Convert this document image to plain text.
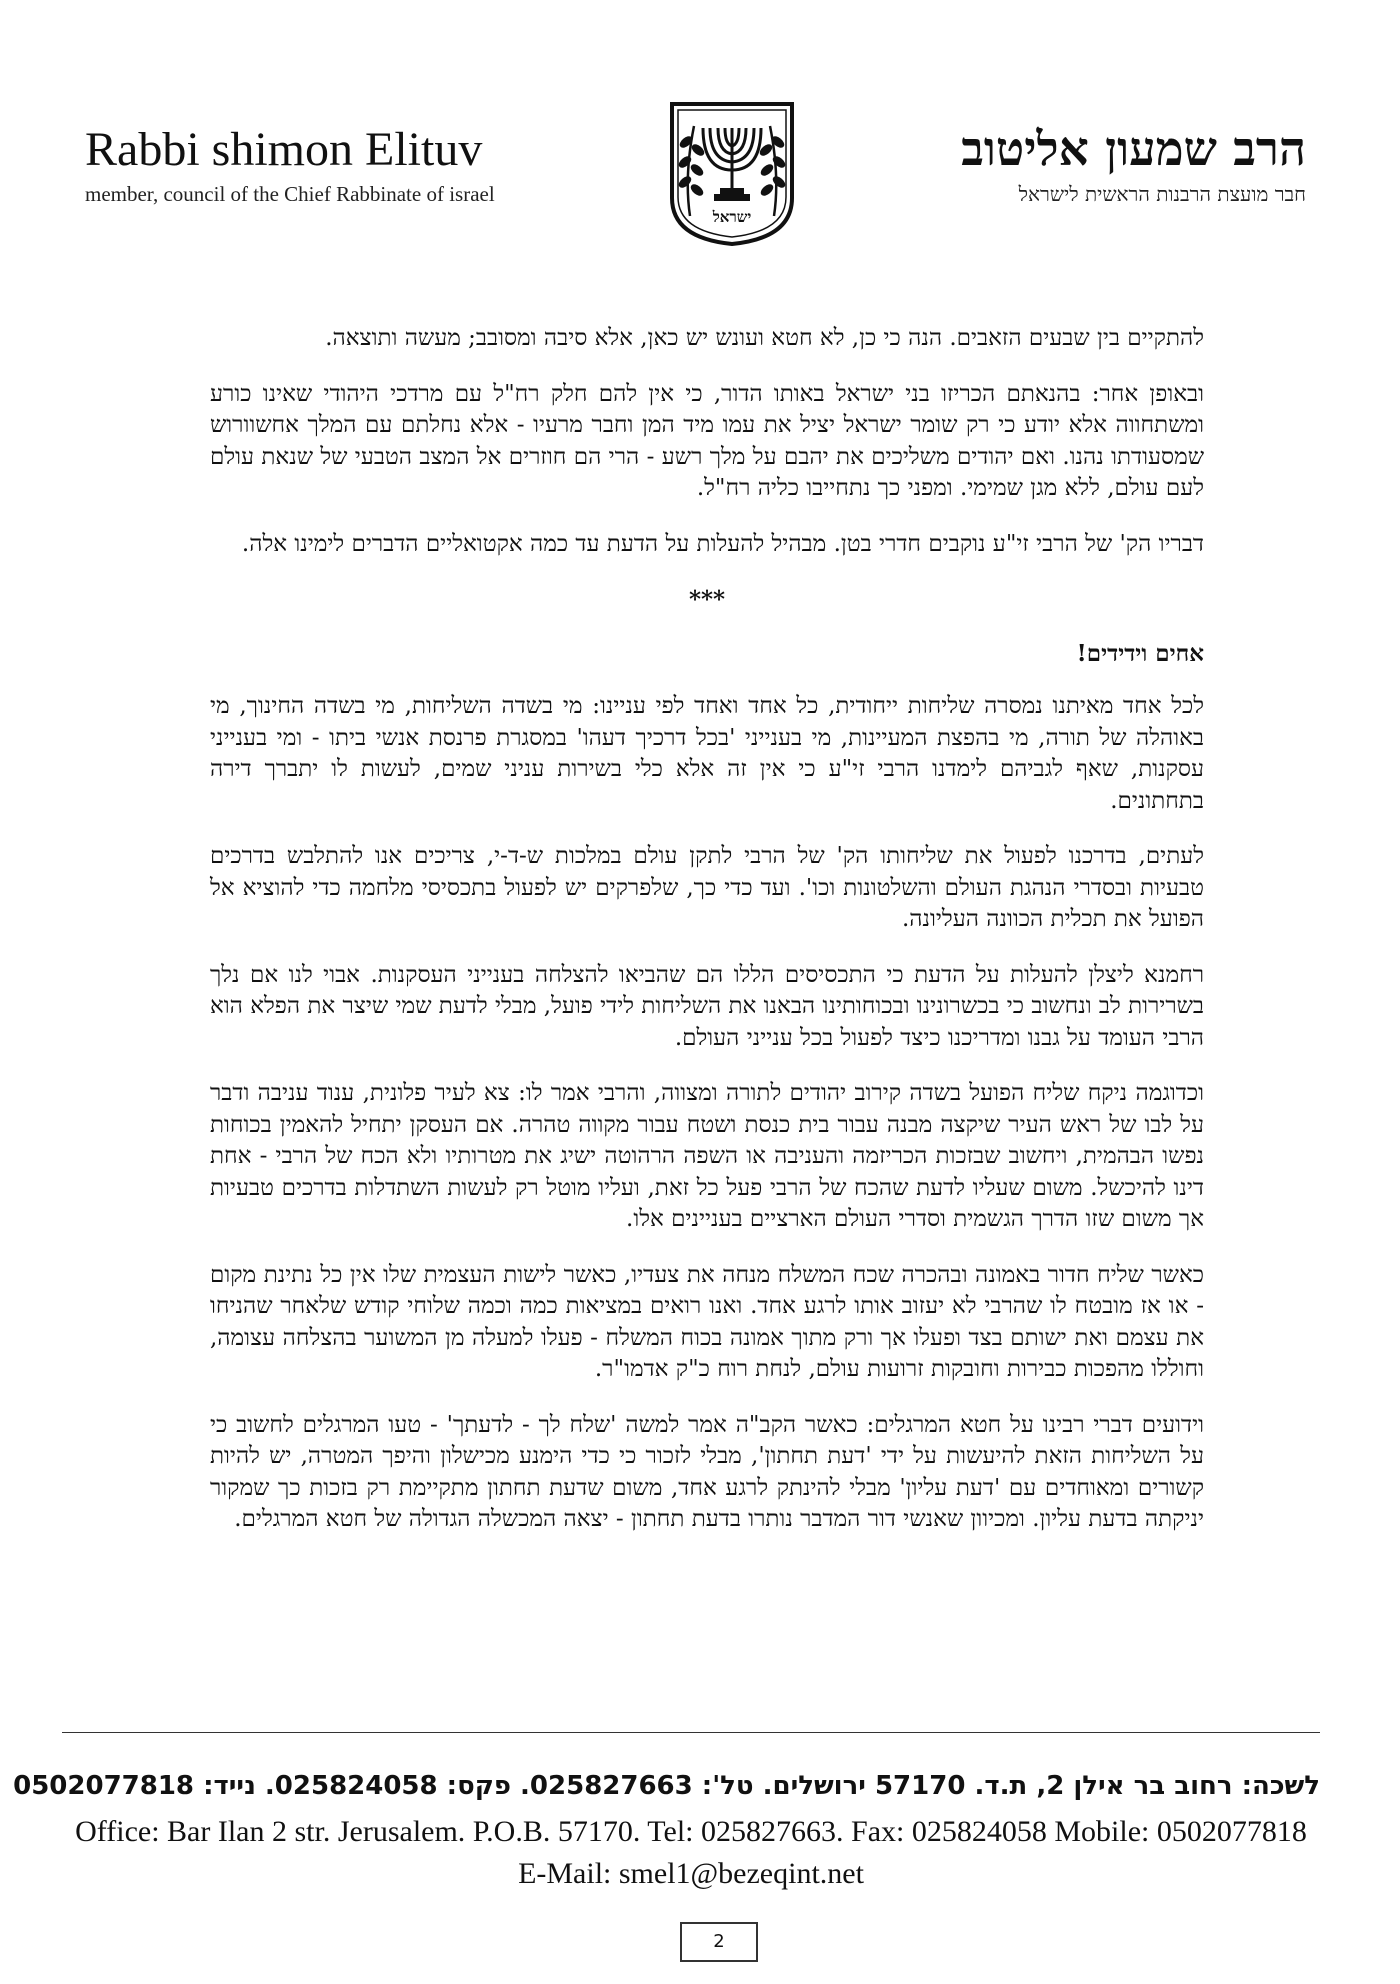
Rabbi shimon Elituv
member, council of the Chief Rabbinate of israel
ישראל
הרב שמעון אליטוב
חבר מועצת הרבנות הראשית לישראל

להתקיים בין שבעים הזאבים. הנה כי כן, לא חטא ועונש יש כאן, אלא סיבה ומסובב; מעשה ותוצאה.

ובאופן אחר: בהנאתם הכריזו בני ישראל באותו הדור, כי אין להם חלק רח"ל עם מרדכי היהודי שאינו כורע ומשתחווה אלא יודע כי רק שומר ישראל יציל את עמו מיד המן וחבר מרעיו - אלא נחלתם עם המלך אחשוורוש שמסעודתו נהנו. ואם יהודים משליכים את יהבם על מלך רשע - הרי הם חוזרים אל המצב הטבעי של שנאת עולם לעם עולם, ללא מגן שמימי. ומפני כך נתחייבו כליה רח"ל.

דבריו הק' של הרבי זי"ע נוקבים חדרי בטן. מבהיל להעלות על הדעת עד כמה אקטואליים הדברים לימינו אלה.

***

אחים וידידים!

לכל אחד מאיתנו נמסרה שליחות ייחודית, כל אחד ואחד לפי עניינו: מי בשדה השליחות, מי בשדה החינוך, מי באוהלה של תורה, מי בהפצת המעיינות, מי בענייני 'בכל דרכיך דעהו' במסגרת פרנסת אנשי ביתו - ומי בענייני עסקנות, שאף לגביהם לימדנו הרבי זי"ע כי אין זה אלא כלי בשירות עניני שמים, לעשות לו יתברך דירה בתחתונים.

לעתים, בדרכנו לפעול את שליחותו הק' של הרבי לתקן עולם במלכות ש-ד-י, צריכים אנו להתלבש בדרכים טבעיות ובסדרי הנהגת העולם והשלטונות וכו'. ועד כדי כך, שלפרקים יש לפעול בתכסיסי מלחמה כדי להוציא אל הפועל את תכלית הכוונה העליונה.

רחמנא ליצלן להעלות על הדעת כי התכסיסים הללו הם שהביאו להצלחה בענייני העסקנות. אבוי לנו אם נלך בשרירות לב ונחשוב כי בכשרונינו ובכוחותינו הבאנו את השליחות לידי פועל, מבלי לדעת שמי שיצר את הפלא הוא הרבי העומד על גבנו ומדריכנו כיצד לפעול בכל ענייני העולם.

וכדוגמה ניקח שליח הפועל בשדה קירוב יהודים לתורה ומצווה, והרבי אמר לו: צא לעיר פלונית, ענוד עניבה ודבר על לבו של ראש העיר שיקצה מבנה עבור בית כנסת ושטח עבור מקווה טהרה. אם העסקן יתחיל להאמין בכוחות נפשו הבהמית, ויחשוב שבזכות הכריזמה והעניבה או השפה הרהוטה ישיג את מטרותיו ולא הכח של הרבי - אחת דינו להיכשל. משום שעליו לדעת שהכח של הרבי פעל כל זאת, ועליו מוטל רק לעשות השתדלות בדרכים טבעיות אך משום שזו הדרך הגשמית וסדרי העולם הארציים בעניינים אלו.

כאשר שליח חדור באמונה ובהכרה שכח המשלח מנחה את צעדיו, כאשר לישות העצמית שלו אין כל נתינת מקום - או אז מובטח לו שהרבי לא יעזוב אותו לרגע אחד. ואנו רואים במציאות כמה וכמה שלוחי קודש שלאחר שהניחו את עצמם ואת ישותם בצד ופעלו אך ורק מתוך אמונה בכוח המשלח - פעלו למעלה מן המשוער בהצלחה עצומה, וחוללו מהפכות כבירות וחובקות זרועות עולם, לנחת רוח כ"ק אדמו"ר.

וידועים דברי רבינו על חטא המרגלים: כאשר הקב"ה אמר למשה 'שלח לך - לדעתך' - טעו המרגלים לחשוב כי על השליחות הזאת להיעשות על ידי 'דעת תחתון', מבלי לזכור כי כדי הימנע מכישלון והיפך המטרה, יש להיות קשורים ומאוחדים עם 'דעת עליון' מבלי להינתק לרגע אחד, משום שדעת תחתון מתקיימת רק בזכות כך שמקור יניקתה בדעת עליון. ומכיוון שאנשי דור המדבר נותרו בדעת תחתון - יצאה המכשלה הגדולה של חטא המרגלים.

לשכה: רחוב בר אילן 2, ת.ד. 57170 ירושלים. טל': 025827663. פקס: 025824058. נייד: 0502077818
Office: Bar Ilan 2 str. Jerusalem. P.O.B. 57170. Tel: 025827663. Fax: 025824058 Mobile: 0502077818
E-Mail: smel1@bezeqint.net
2
